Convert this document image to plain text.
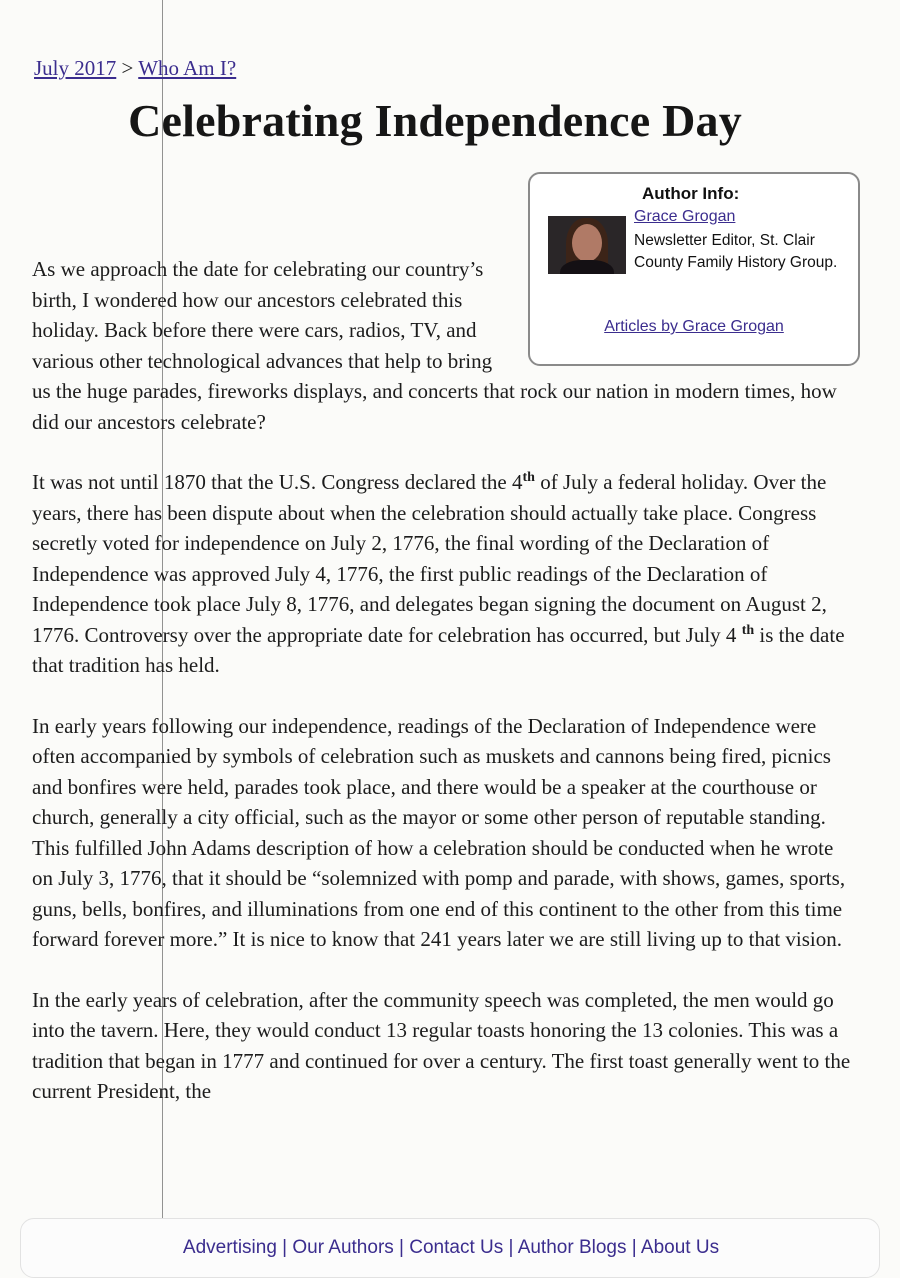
July 2017 > Who Am I?
Celebrating Independence Day
Author Info:
Grace Grogan
Newsletter Editor, St. Clair County Family History Group.
Articles by Grace Grogan

As we approach the date for celebrating our country’s birth, I wondered how our ancestors celebrated this holiday. Back before there were cars, radios, TV, and various other technological advances that help to bring us the huge parades, fireworks displays, and concerts that rock our nation in modern times, how did our ancestors celebrate?

It was not until 1870 that the U.S. Congress declared the 4th of July a federal holiday. Over the years, there has been dispute about when the celebration should actually take place. Congress secretly voted for independence on July 2, 1776, the final wording of the Declaration of Independence was approved July 4, 1776, the first public readings of the Declaration of Independence took place July 8, 1776, and delegates began signing the document on August 2, 1776. Controversy over the appropriate date for celebration has occurred, but July 4 $^{th}$ is the date that tradition has held.

In early years following our independence, readings of the Declaration of Independence were often accompanied by symbols of celebration such as muskets and cannons being fired, picnics and bonfires were held, parades took place, and there would be a speaker at the courthouse or church, generally a city official, such as the mayor or some other person of reputable standing. This fulfilled John Adams description of how a celebration should be conducted when he wrote on July 3, 1776, that it should be “solemnized with pomp and parade, with shows, games, sports, guns, bells, bonfires, and illuminations from one end of this continent to the other from this time forward forever more.” It is nice to know that 241 years later we are still living up to that vision.

In the early years of celebration, after the community speech was completed, the men would go into the tavern. Here, they would conduct 13 regular toasts honoring the 13 colonies. This was a tradition that began in 1777 and continued for over a century. The first toast generally went to the current President, the

Advertising | Our Authors | Contact Us | Author Blogs | About Us
